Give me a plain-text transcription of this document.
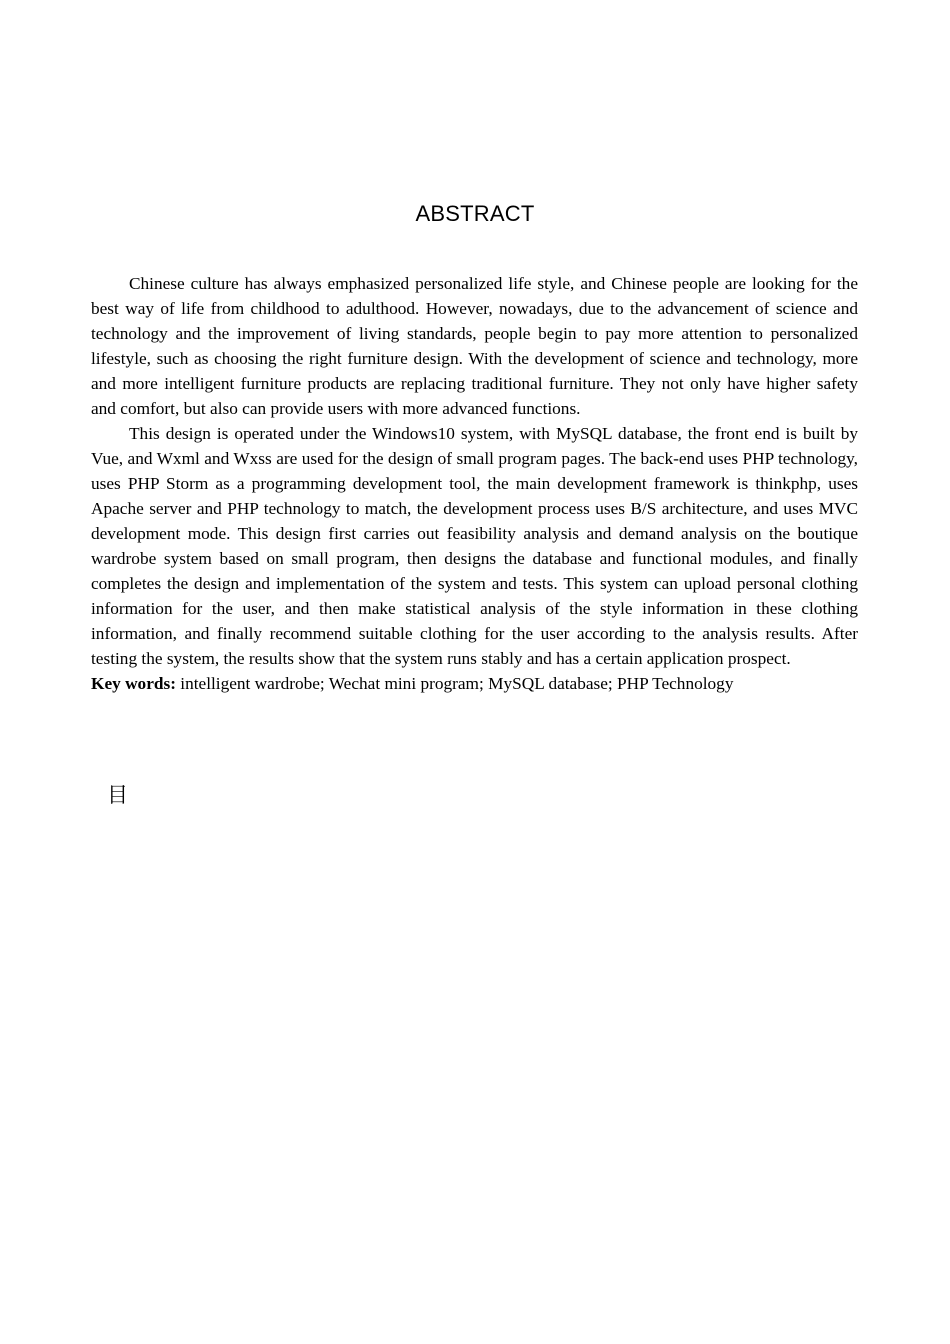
ABSTRACT

Chinese culture has always emphasized personalized life style, and Chinese people are looking for the best way of life from childhood to adulthood. However, nowadays, due to the advancement of science and technology and the improvement of living standards, people begin to pay more attention to personalized lifestyle, such as choosing the right furniture design. With the development of science and technology, more and more intelligent furniture products are replacing traditional furniture. They not only have higher safety and comfort, but also can provide users with more advanced functions.

This design is operated under the Windows10 system, with MySQL database, the front end is built by Vue, and Wxml and Wxss are used for the design of small program pages. The back-end uses PHP technology, uses PHP Storm as a programming development tool, the main development framework is thinkphp, uses Apache server and PHP technology to match, the development process uses B/S architecture, and uses MVC development mode. This design first carries out feasibility analysis and demand analysis on the boutique wardrobe system based on small program, then designs the database and functional modules, and finally completes the design and implementation of the system and tests. This system can upload personal clothing information for the user, and then make statistical analysis of the style information in these clothing information, and finally recommend suitable clothing for the user according to the analysis results. After testing the system, the results show that the system runs stably and has a certain application prospect.

Key words: intelligent wardrobe; Wechat mini program; MySQL database; PHP Technology

目
